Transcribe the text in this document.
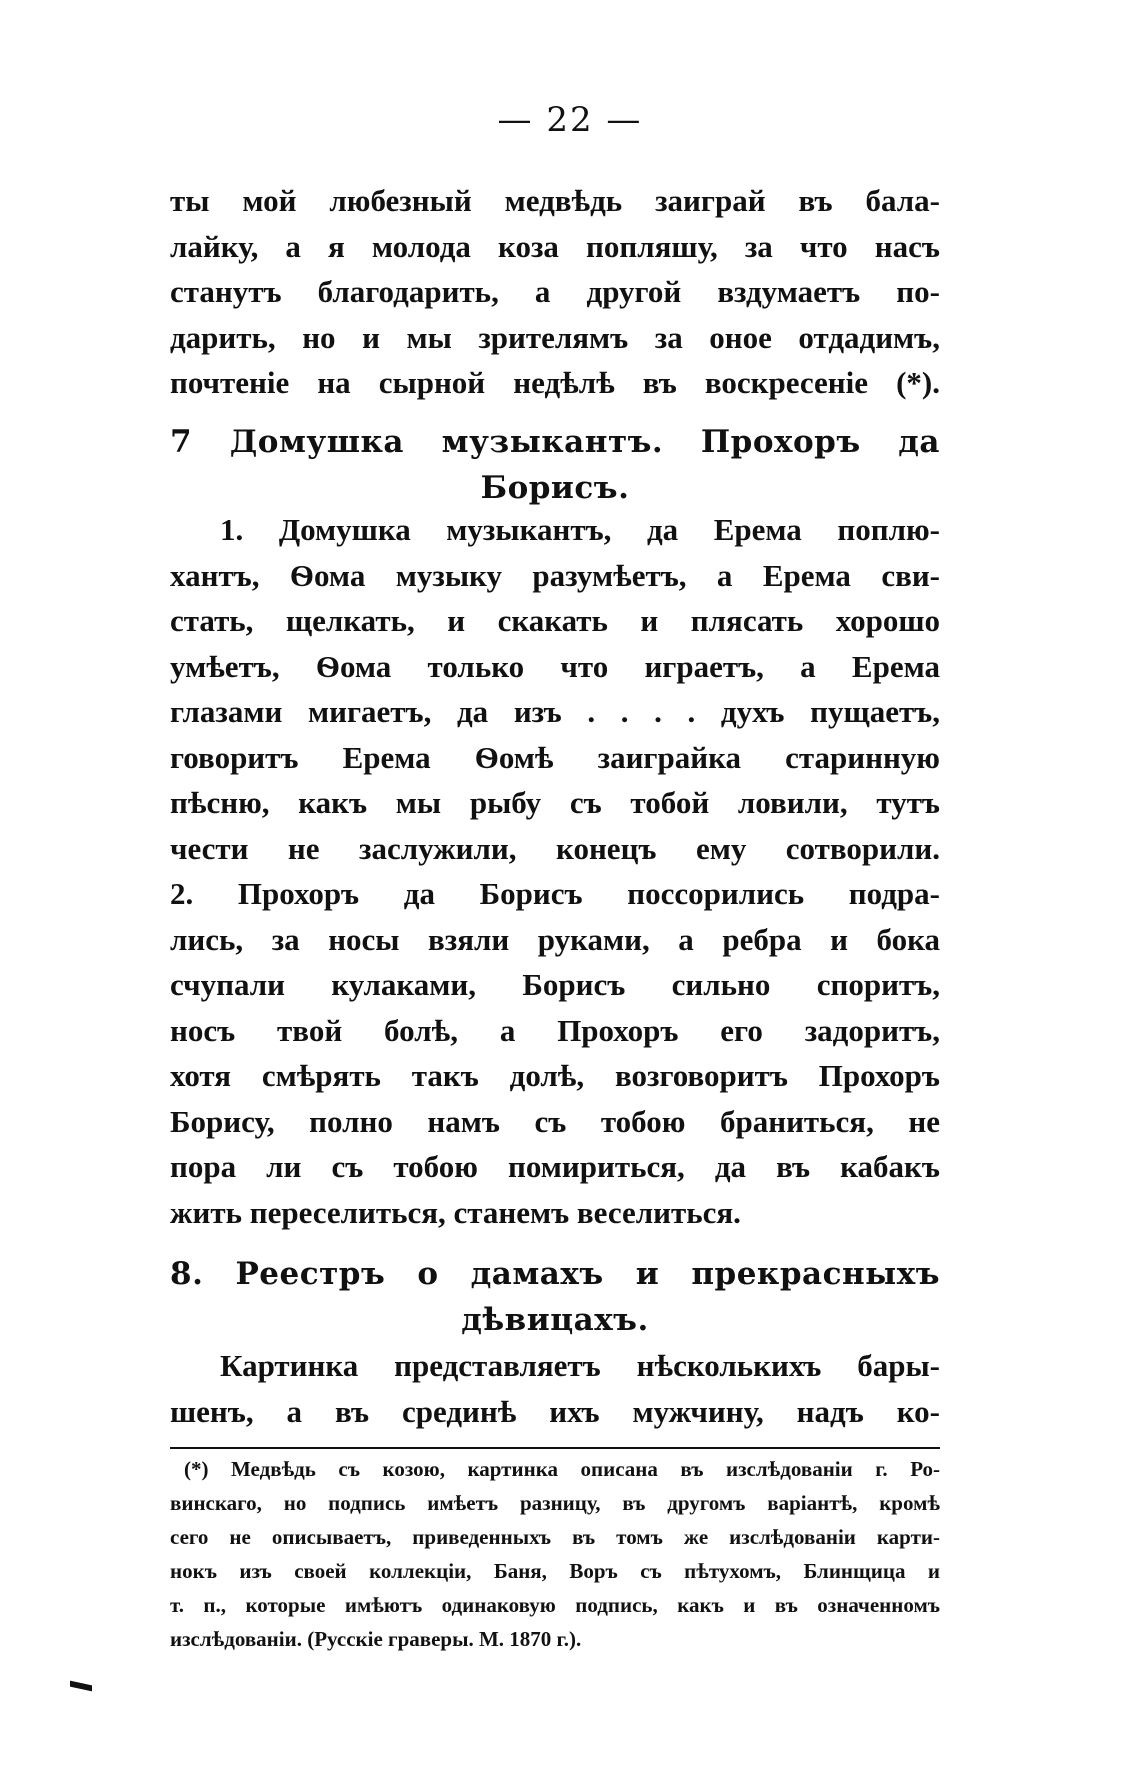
— 22 —
ты мой любезный медвѣдь заиграй въ бала-
лайку, а я молода коза попляшу, за что насъ
станутъ благодарить, а другой вздумаетъ по-
дарить, но и мы зрителямъ за оное отдадимъ,
почтеніе на сырной недѣлѣ въ воскресеніе (*).
7 Домушка музыкантъ. Прохоръ да
Борисъ.
1. Домушка музыкантъ, да Ерема поплю-
хантъ, Ѳома музыку разумѣетъ, а Ерема сви-
стать, щелкать, и скакать и плясать хорошо
умѣетъ, Ѳома только что играетъ, а Ерема
глазами мигаетъ, да изъ . . . . духъ пущаетъ,
говоритъ Ерема Ѳомѣ заиграйка старинную
пѣсню, какъ мы рыбу съ тобой ловили, тутъ
чести не заслужили, конецъ ему сотворили.
2. Прохоръ да Борисъ поссорились подра-
лись, за носы взяли руками, а ребра и бока
счупали кулаками, Борисъ сильно споритъ,
носъ твой болѣ, а Прохоръ его задоритъ,
хотя смѣрять такъ долѣ, возговоритъ Прохоръ
Борису, полно намъ съ тобою браниться, не
пора ли съ тобою помириться, да въ кабакъ
жить переселиться, станемъ веселиться.
8. Реестръ о дамахъ и прекрасныхъ
дѣвицахъ.
Картинка представляетъ нѣсколькихъ бары-
шенъ, а въ срединѣ ихъ мужчину, надъ ко-
(*) Медвѣдь съ козою, картинка описана въ изслѣдованіи г. Ро-
винскаго, но подпись имѣетъ разницу, въ другомъ варіантѣ, кромѣ
сего не описываетъ, приведенныхъ въ томъ же изслѣдованіи карти-
нокъ изъ своей коллекціи, Баня, Воръ съ пѣтухомъ, Блинщица и
т. п., которые имѣютъ одинаковую подпись, какъ и въ означенномъ
изслѣдованіи. (Русскіе граверы. М. 1870 г.).
